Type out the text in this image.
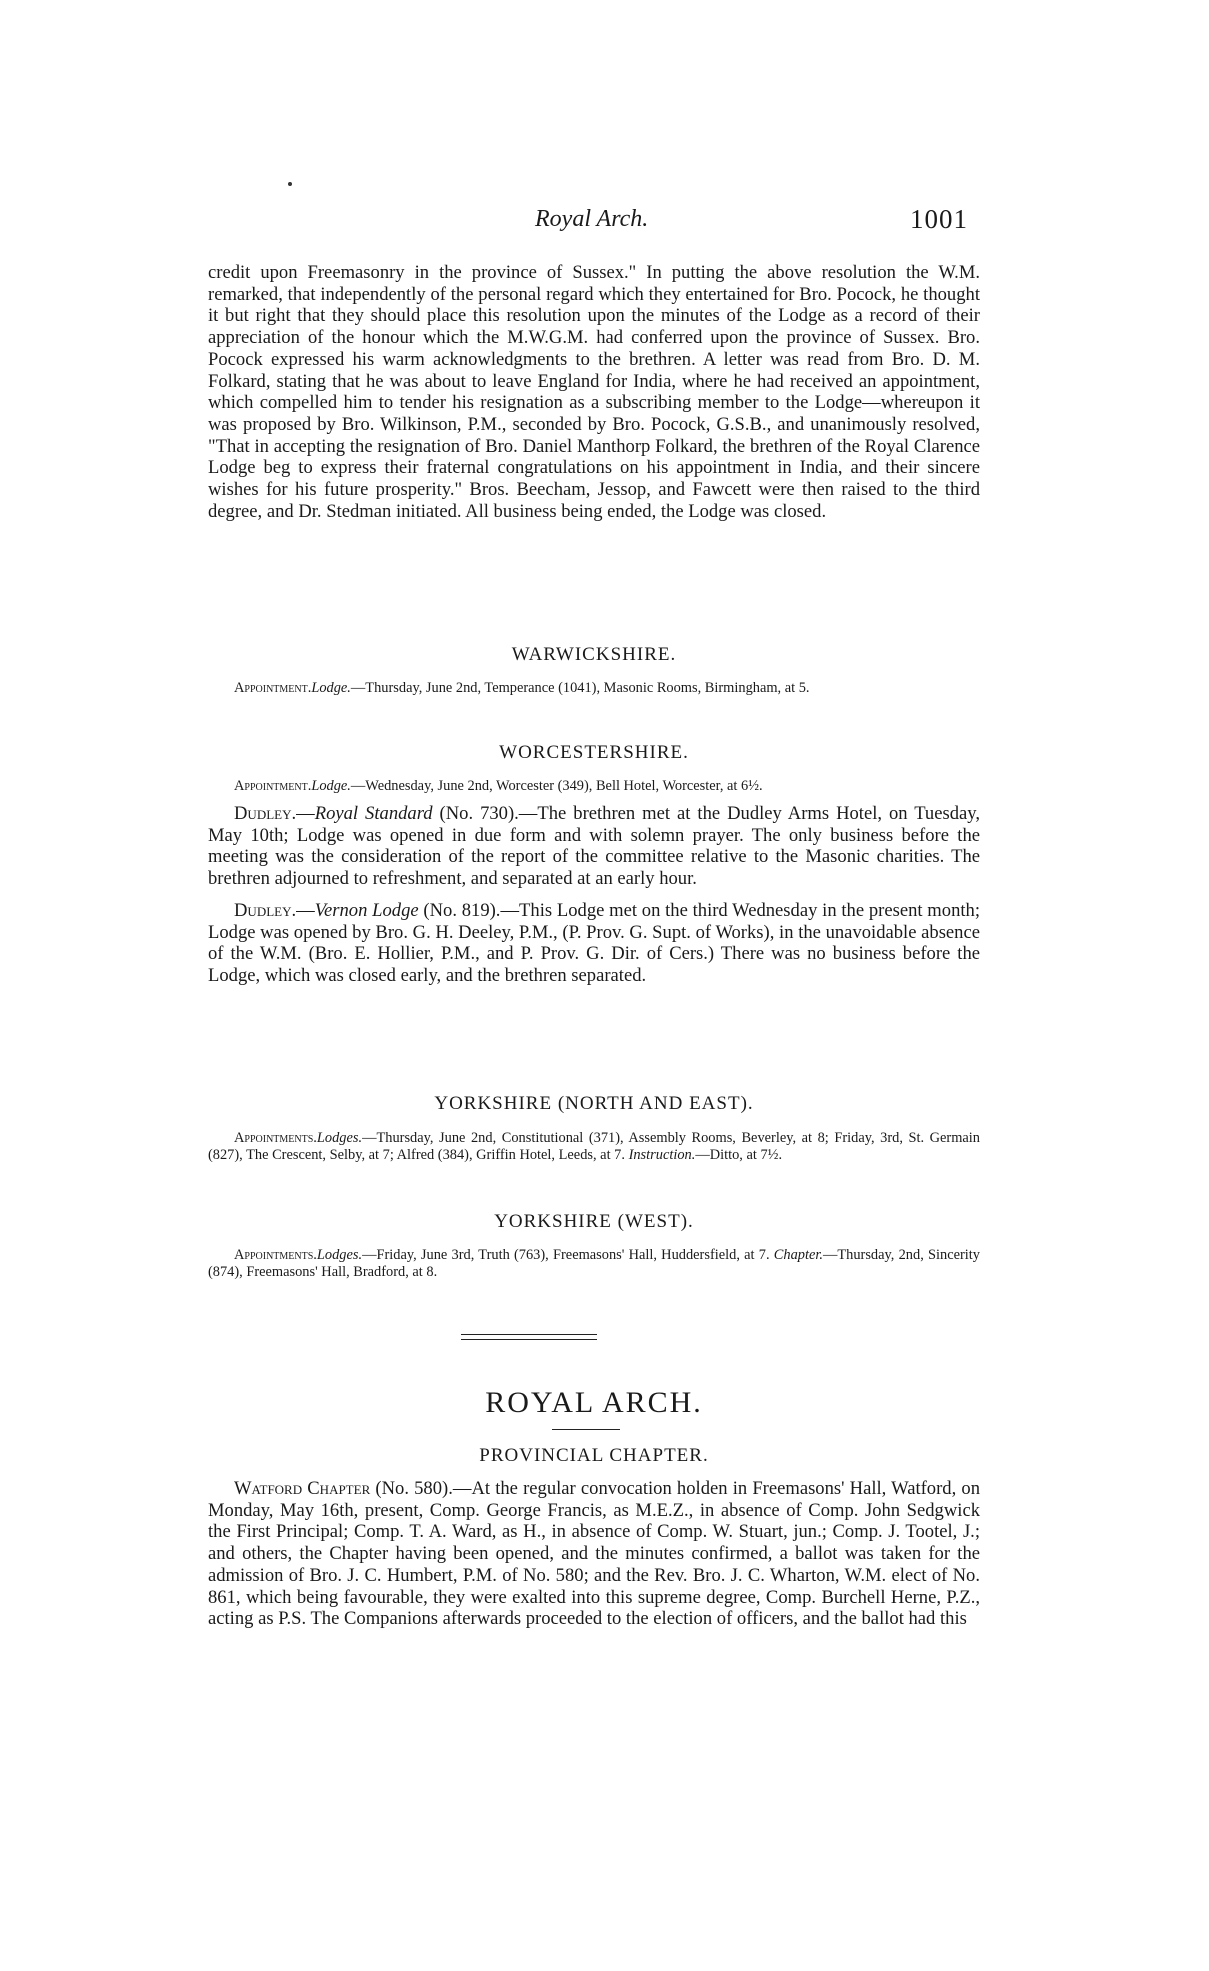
Royal Arch.	1001

credit upon Freemasonry in the province of Sussex." In putting the above resolution the W.M. remarked, that independently of the personal regard which they entertained for Bro. Pocock, he thought it but right that they should place this resolution upon the minutes of the Lodge as a record of their appreciation of the honour which the M.W.G.M. had conferred upon the province of Sussex. Bro. Pocock expressed his warm acknowledgments to the brethren. A letter was read from Bro. D. M. Folkard, stating that he was about to leave England for India, where he had received an appointment, which compelled him to tender his resignation as a subscribing member to the Lodge—whereupon it was proposed by Bro. Wilkinson, P.M., seconded by Bro. Pocock, G.S.B., and unanimously resolved, "That in accepting the resignation of Bro. Daniel Manthorp Folkard, the brethren of the Royal Clarence Lodge beg to express their fraternal congratulations on his appointment in India, and their sincere wishes for his future prosperity." Bros. Beecham, Jessop, and Fawcett were then raised to the third degree, and Dr. Stedman initiated. All business being ended, the Lodge was closed.

WARWICKSHIRE.

Appointment.Lodge.—Thursday, June 2nd, Temperance (1041), Masonic Rooms, Birmingham, at 5.

WORCESTERSHIRE.

Appointment.Lodge.—Wednesday, June 2nd, Worcester (349), Bell Hotel, Worcester, at 6½.

Dudley.—Royal Standard (No. 730).—The brethren met at the Dudley Arms Hotel, on Tuesday, May 10th; Lodge was opened in due form and with solemn prayer. The only business before the meeting was the consideration of the report of the committee relative to the Masonic charities. The brethren adjourned to refreshment, and separated at an early hour.

Dudley.—Vernon Lodge (No. 819).—This Lodge met on the third Wednesday in the present month; Lodge was opened by Bro. G. H. Deeley, P.M., (P. Prov. G. Supt. of Works), in the unavoidable absence of the W.M. (Bro. E. Hollier, P.M., and P. Prov. G. Dir. of Cers.) There was no business before the Lodge, which was closed early, and the brethren separated.

YORKSHIRE (NORTH AND EAST).

Appointments.Lodges.—Thursday, June 2nd, Constitutional (371), Assembly Rooms, Beverley, at 8; Friday, 3rd, St. Germain (827), The Crescent, Selby, at 7; Alfred (384), Griffin Hotel, Leeds, at 7. Instruction.—Ditto, at 7½.

YORKSHIRE (WEST).

Appointments.Lodges.—Friday, June 3rd, Truth (763), Freemasons' Hall, Huddersfield, at 7. Chapter.—Thursday, 2nd, Sincerity (874), Freemasons' Hall, Bradford, at 8.

ROYAL ARCH.
PROVINCIAL CHAPTER.

Watford Chapter (No. 580).—At the regular convocation holden in Freemasons' Hall, Watford, on Monday, May 16th, present, Comp. George Francis, as M.E.Z., in absence of Comp. John Sedgwick the First Principal; Comp. T. A. Ward, as H., in absence of Comp. W. Stuart, jun.; Comp. J. Tootel, J.; and others, the Chapter having been opened, and the minutes confirmed, a ballot was taken for the admission of Bro. J. C. Humbert, P.M. of No. 580; and the Rev. Bro. J. C. Wharton, W.M. elect of No. 861, which being favourable, they were exalted into this supreme degree, Comp. Burchell Herne, P.Z., acting as P.S. The Companions afterwards proceeded to the election of officers, and the ballot had this
